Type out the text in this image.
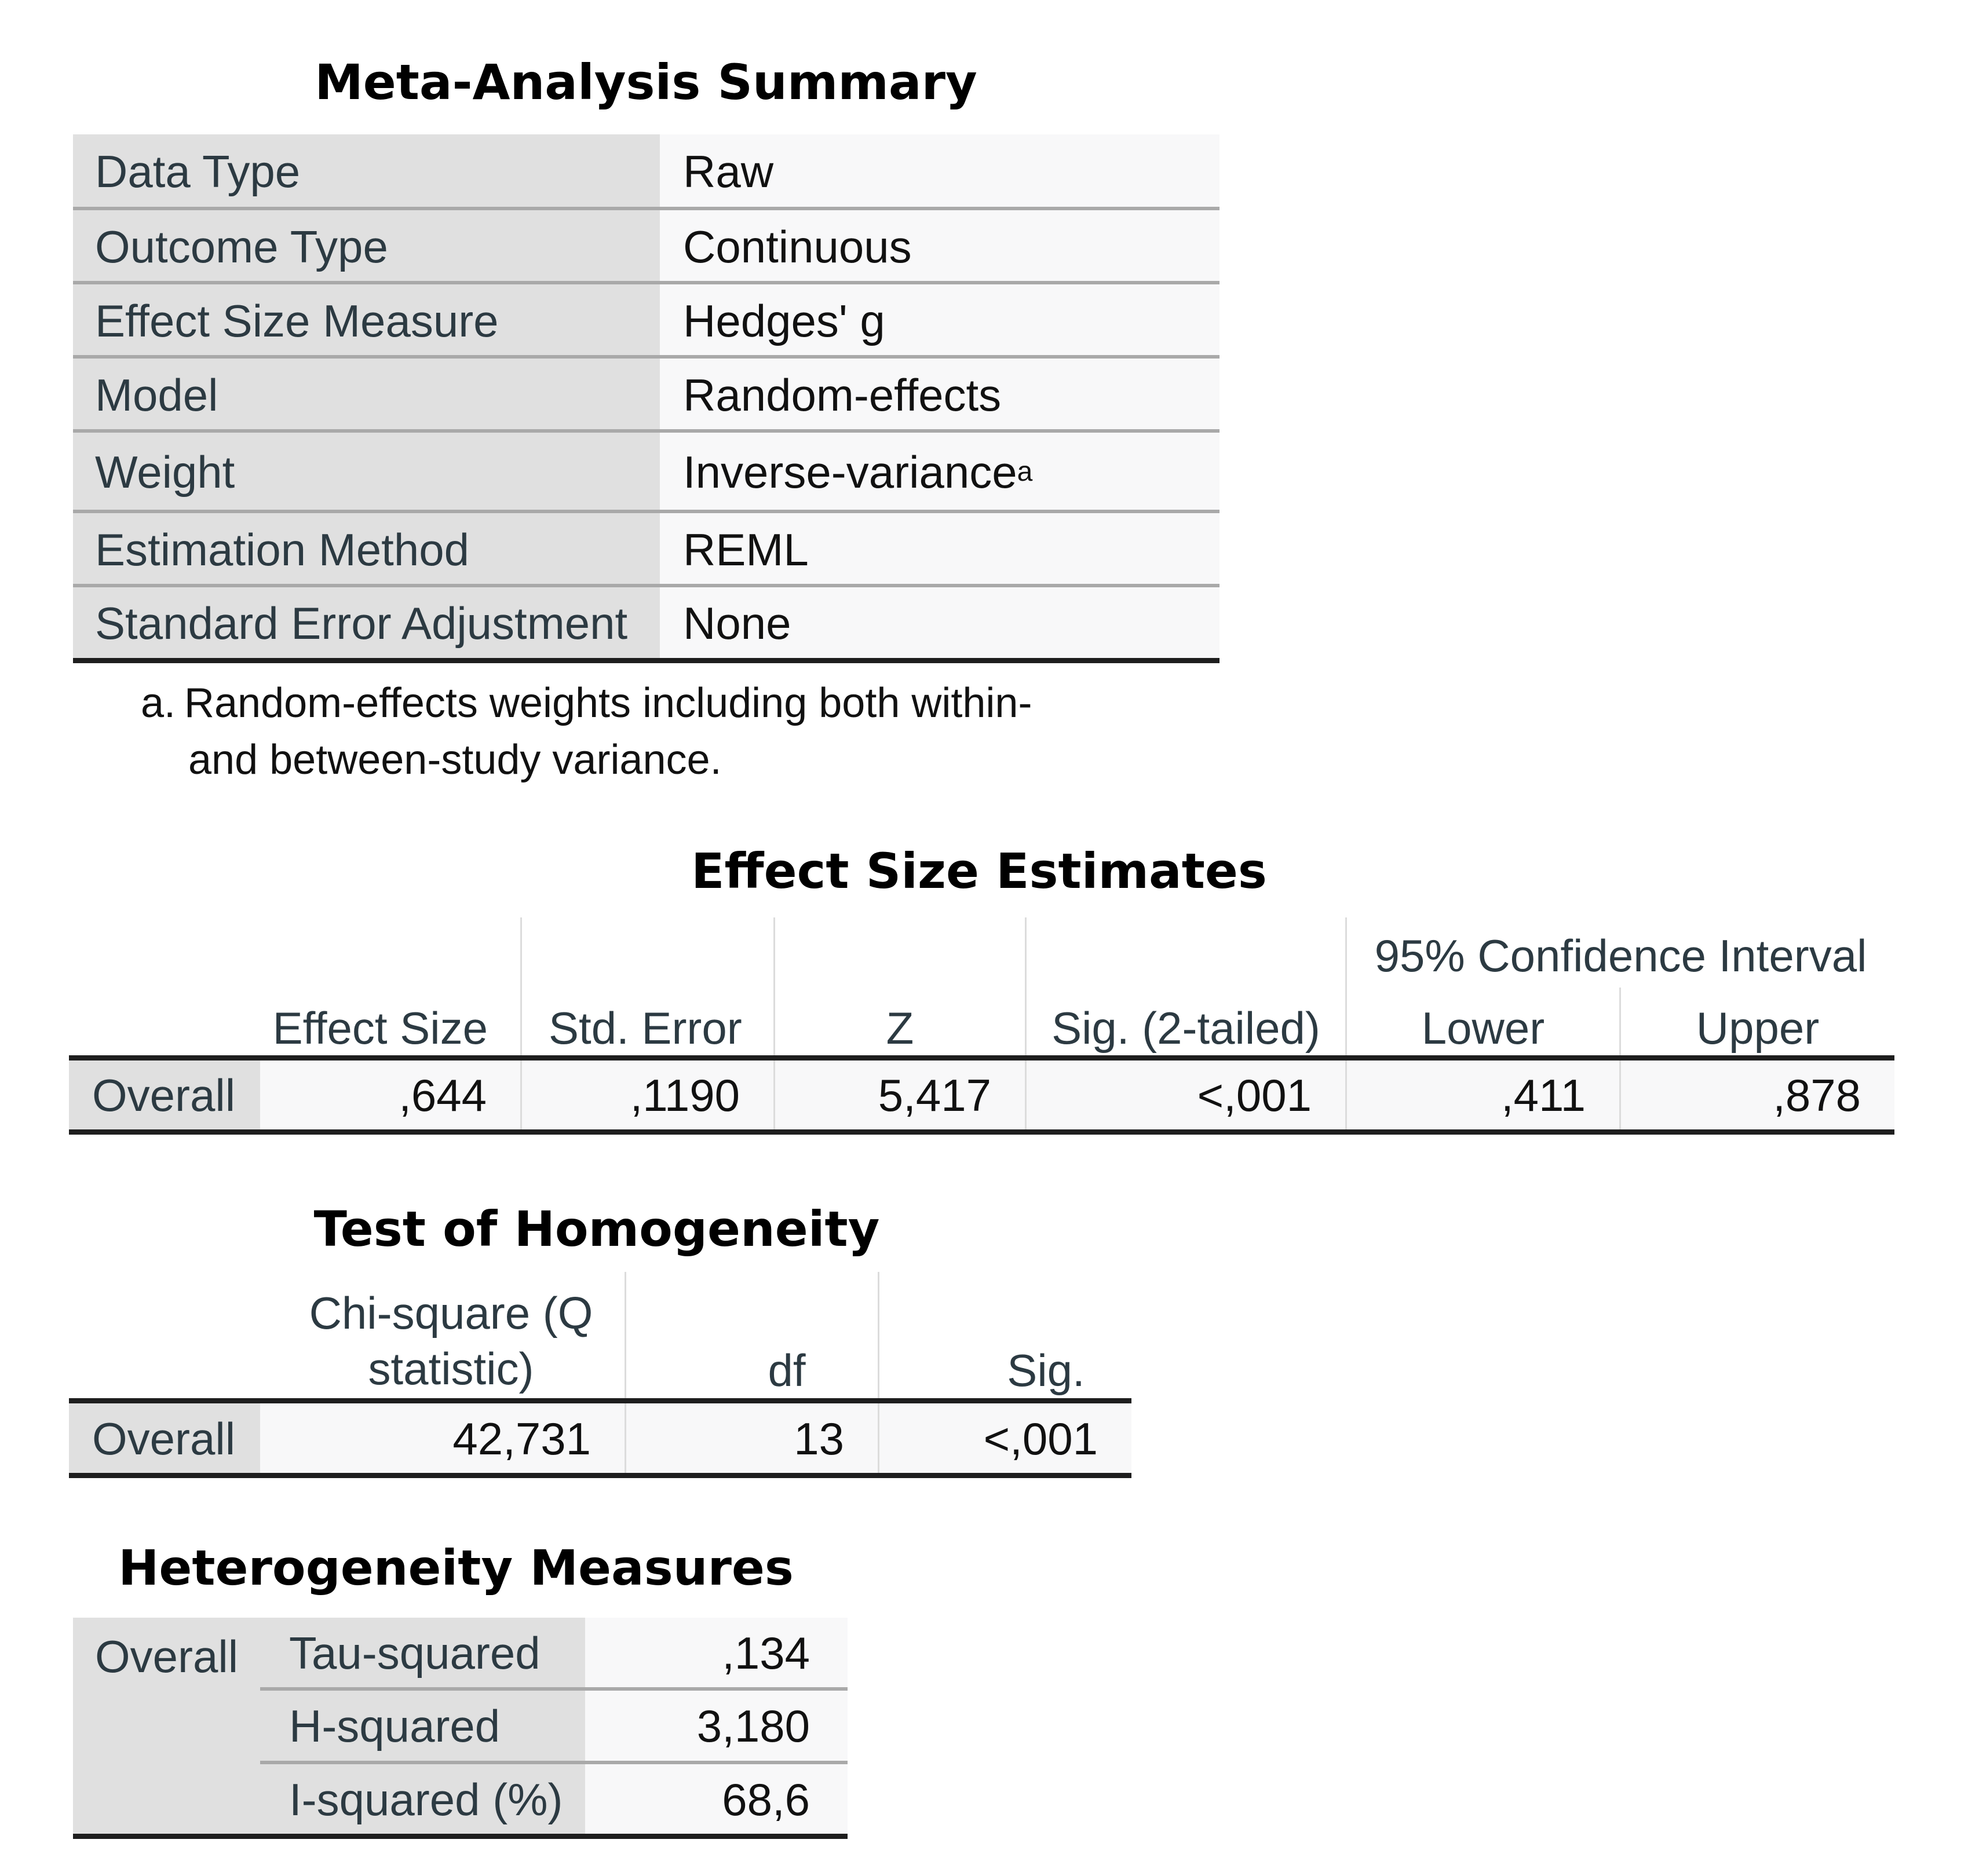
Meta-Analysis Summary
Data Type	Raw
Outcome Type	Continuous
Effect Size Measure	Hedges' g
Model	Random-effects
Weight	Inverse-variance a
Estimation Method	REML
Standard Error Adjustment	None
a. Random-effects weights including both within-
and between-study variance.
Effect Size Estimates
95% Confidence Interval
Effect Size	Std. Error	Z	Sig. (2-tailed)	Lower	Upper
Overall	,644	,1190	5,417	<,001	,411	,878
Test of Homogeneity
Chi-square (Q
statistic)	df	Sig.
Overall	42,731	13	<,001
Heterogeneity Measures
Overall	Tau-squared	,134
H-squared	3,180
I-squared (%)	68,6
